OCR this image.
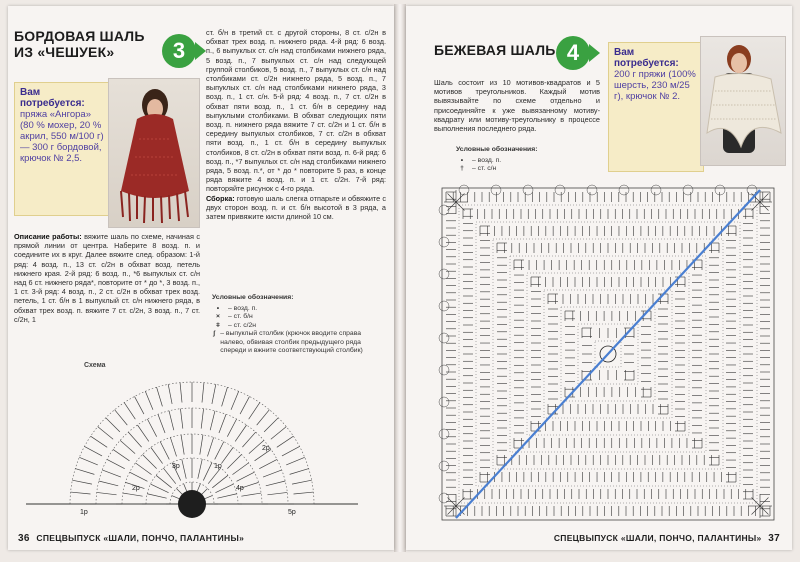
БОРДОВАЯ ШАЛЬ
ИЗ «ЧЕШУЕК»	3
Вам потребуется:
пряжа «Ангора» (80 % мохер, 20 % акрил, 550 м/100 г) — 300 г бордовой, крючок № 2,5.
ст. б/н в третий ст. с другой стороны, 8 ст. с/2н в обхват трех возд. п. нижнего ряда. 4-й ряд: 6 возд. п., 6 выпуклых ст. с/н над столбиками нижнего ряда, 5 возд. п., 7 выпуклых ст. с/н над следующей группой столбиков, 5 возд. п., 7 выпуклых ст. с/н над столбиками ст. с/2н нижнего ряда, 5 возд. п., 7 выпуклых ст. с/н над столбиками нижнего ряда, 3 возд. п., 1 ст. с/н. 5-й ряд: 4 возд. п., 7 ст. с/2н в обхват пяти возд. п., 1 ст. б/н в середину над выпуклыми столбиками. В обхват следующих пяти возд. п. нижнего ряда вяжите 7 ст. с/2н и 1 ст. б/н в середину выпуклых столбиков, 7 ст. с/2н в обхват пяти возд. п., 1 ст. б/н в середину выпуклых столбиков, 8 ст. с/2н в обхват пяти возд. п. 6-й ряд: 6 возд. п., *7 выпуклых ст. с/н над столбиками нижнего ряда, 5 возд. п.*, от * до * повторите 5 раз, в конце ряда вяжите 4 возд. п. и 1 ст. с/2н. 7-й ряд: повторяйте рисунок с 4-го ряда.
Сборка: готовую шаль слегка отпарьте и обвяжите с двух сторон возд. п. и ст. б/н высотой в 3 ряда, а затем привяжите кисти длиной 10 см.
Описание работы: вяжите шаль по схеме, начиная с прямой линии от центра. Наберите 8 возд. п. и соедините их в круг. Далее вяжите след. образом: 1-й ряд: 4 возд. п., 13 ст. с/2н в обхват возд. петель нижнего края. 2-й ряд: 6 возд. п., *6 выпуклых ст. с/н над 6 ст. нижнего ряда*, повторите от * до *, 3 возд. п., 1 ст. 3-й ряд: 4 возд. п., 2 ст. с/2н в обхват трех возд. петель, 1 ст. б/н в 1 выпуклый ст. с/н нижнего ряда, в обхват трех возд. п. вяжите 7 ст. с/2н, 3 возд. п., 7 ст. с/2н, 1
Условные обозначения:
•	– возд. п.
×	– ст. б/н
ǂ	– ст. с/2н
ʃ – выпуклый столбик (крючок вводите справа налево, обвивая столбик предыдущего ряда спереди и вжните соответствующий столбик)
Схема
1р
2р
3р
4р
5р
1р
2р
36 СПЕЦВЫПУСК «ШАЛИ, ПОНЧО, ПАЛАНТИНЫ»
БЕЖЕВАЯ ШАЛЬ 4	Вам потребуется:
200 г пряжи (100% шерсть, 230 м/25 г), крючок № 2.
Шаль состоит из 10 мотивов-квадратов и 5 мотивов треугольников. Каждый мотив вывязывайте по схеме отдельно и присоединяйте к уже вывязанному мотиву-квадрату или мотиву-треугольнику в процессе выполнения последнего ряда.
Условные обозначения:
•	– возд. п.
†	– ст. с/н
СПЕЦВЫПУСК «ШАЛИ, ПОНЧО, ПАЛАНТИНЫ» 37
